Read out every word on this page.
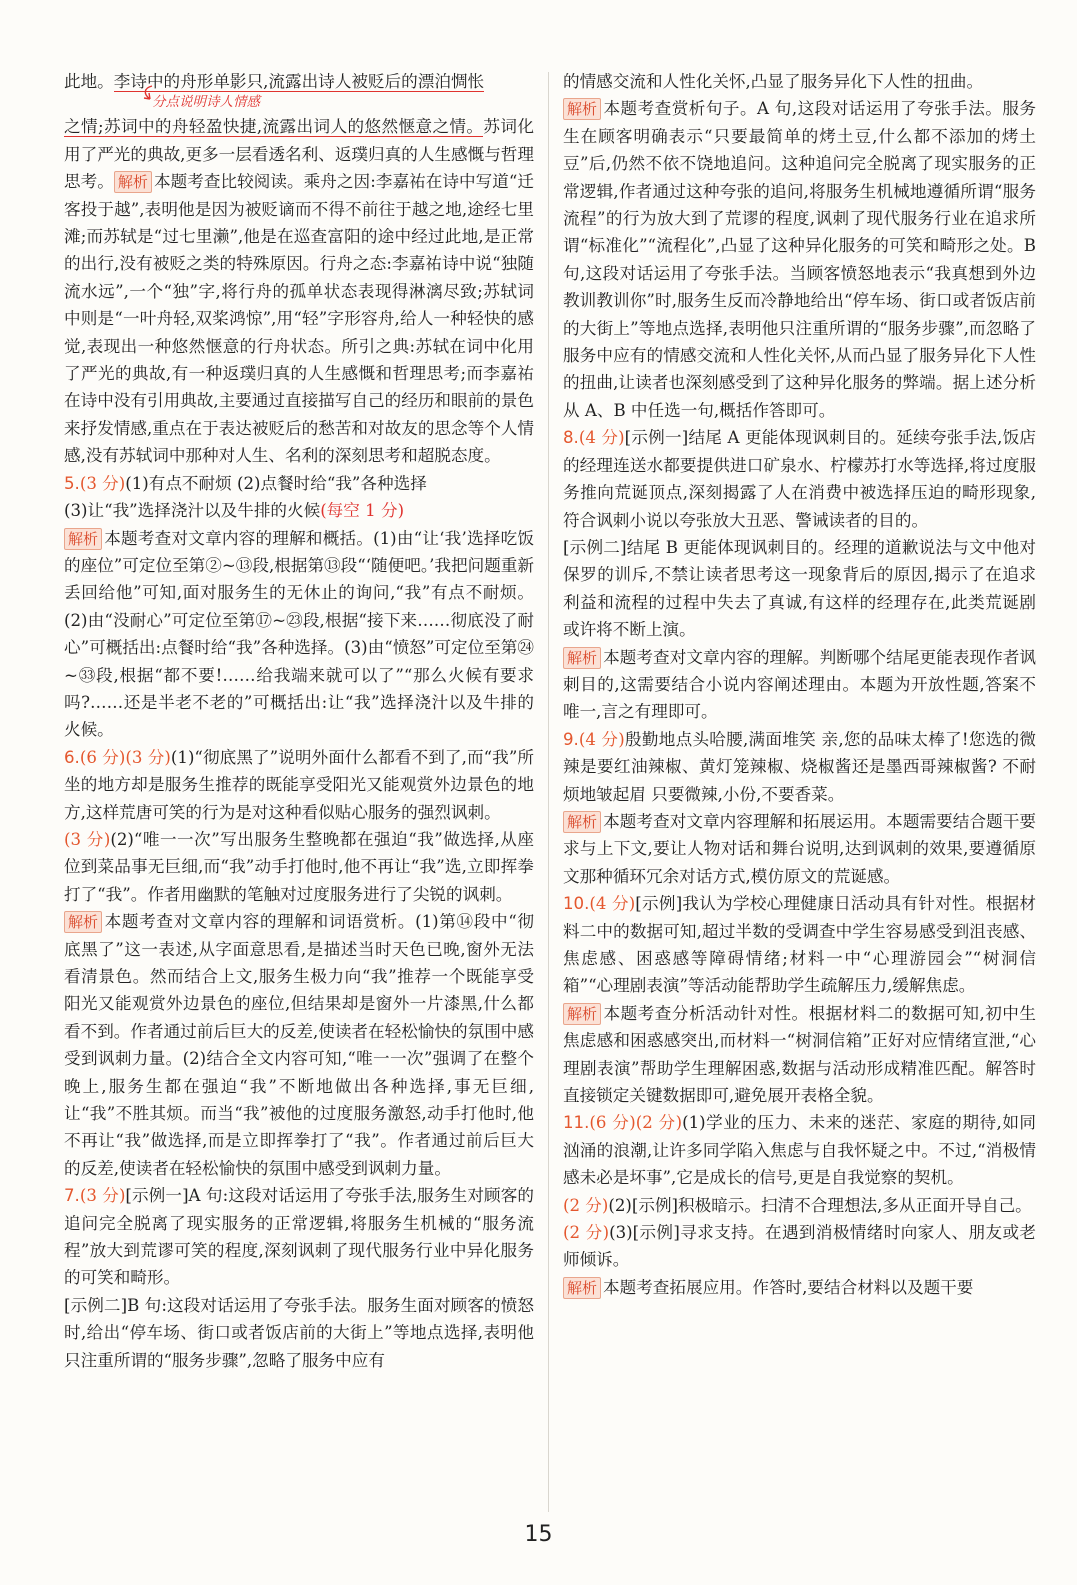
此地。李诗中的舟形单影只,流露出诗人被贬后的漂泊惆怅

分点说明诗人情感

之情;苏词中的舟轻盈快捷,流露出词人的悠然惬意之情。苏词化用了严光的典故,更多一层看透名利、返璞归真的人生感慨与哲理思考。 解析 本题考查比较阅读。乘舟之因:李嘉祐在诗中写道“迁客投于越”,表明他是因为被贬谪而不得不前往于越之地,途经七里滩;而苏轼是“过七里濑”,他是在巡查富阳的途中经过此地,是正常的出行,没有被贬之类的特殊原因。行舟之态:李嘉祐诗中说“独随流水远”,一个“独”字,将行舟的孤单状态表现得淋漓尽致;苏轼词中则是“一叶舟轻,双桨鸿惊”,用“轻”字形容舟,给人一种轻快的感觉,表现出一种悠然惬意的行舟状态。所引之典:苏轼在词中化用了严光的典故,有一种返璞归真的人生感慨和哲理思考;而李嘉祐在诗中没有引用典故,主要通过直接描写自己的经历和眼前的景色来抒发情感,重点在于表达被贬后的愁苦和对故友的思念等个人情感,没有苏轼词中那种对人生、名利的深刻思考和超脱态度。

5.(3 分)(1)有点不耐烦 (2)点餐时给“我”各种选择

(3)让“我”选择浇汁以及牛排的火候(每空 1 分)

解析 本题考查对文章内容的理解和概括。(1)由“让‘我’选择吃饭的座位”可定位至第②~⑬段,根据第⑬段“‘随便吧。’我把问题重新丢回给他”可知,面对服务生的无休止的询问,“我”有点不耐烦。(2)由“没耐心”可定位至第⑰~㉓段,根据“接下来……彻底没了耐心”可概括出:点餐时给“我”各种选择。(3)由“愤怒”可定位至第㉔~㉝段,根据“都不要!……给我端来就可以了”“那么火候有要求吗?……还是半老不老的”可概括出:让“我”选择浇汁以及牛排的火候。

6.(6 分)(3 分)(1)“彻底黑了”说明外面什么都看不到了,而“我”所坐的地方却是服务生推荐的既能享受阳光又能观赏外边景色的地方,这样荒唐可笑的行为是对这种看似贴心服务的强烈讽刺。

(3 分)(2)“唯一一次”写出服务生整晚都在强迫“我”做选择,从座位到菜品事无巨细,而“我”动手打他时,他不再让“我”选,立即挥拳打了“我”。作者用幽默的笔触对过度服务进行了尖锐的讽刺。

解析 本题考查对文章内容的理解和词语赏析。(1)第⑭段中“彻底黑了”这一表述,从字面意思看,是描述当时天色已晚,窗外无法看清景色。然而结合上文,服务生极力向“我”推荐一个既能享受阳光又能观赏外边景色的座位,但结果却是窗外一片漆黑,什么都看不到。作者通过前后巨大的反差,使读者在轻松愉快的氛围中感受到讽刺力量。(2)结合全文内容可知,“唯一一次”强调了在整个晚上,服务生都在强迫“我”不断地做出各种选择,事无巨细,让“我”不胜其烦。而当“我”被他的过度服务激怒,动手打他时,他不再让“我”做选择,而是立即挥拳打了“我”。作者通过前后巨大的反差,使读者在轻松愉快的氛围中感受到讽刺力量。

7.(3 分)[示例一]A 句:这段对话运用了夸张手法,服务生对顾客的追问完全脱离了现实服务的正常逻辑,将服务生机械的“服务流程”放大到荒谬可笑的程度,深刻讽刺了现代服务行业中异化服务的可笑和畸形。

[示例二]B 句:这段对话运用了夸张手法。服务生面对顾客的愤怒时,给出“停车场、街口或者饭店前的大街上”等地点选择,表明他只注重所谓的“服务步骤”,忽略了服务中应有

的情感交流和人性化关怀,凸显了服务异化下人性的扭曲。

解析 本题考查赏析句子。A 句,这段对话运用了夸张手法。服务生在顾客明确表示“只要最简单的烤土豆,什么都不添加的烤土豆”后,仍然不依不饶地追问。这种追问完全脱离了现实服务的正常逻辑,作者通过这种夸张的追问,将服务生机械地遵循所谓“服务流程”的行为放大到了荒谬的程度,讽刺了现代服务行业在追求所谓“标准化”“流程化”,凸显了这种异化服务的可笑和畸形之处。B 句,这段对话运用了夸张手法。当顾客愤怒地表示“我真想到外边教训教训你”时,服务生反而冷静地给出“停车场、街口或者饭店前的大街上”等地点选择,表明他只注重所谓的“服务步骤”,而忽略了服务中应有的情感交流和人性化关怀,从而凸显了服务异化下人性的扭曲,让读者也深刻感受到了这种异化服务的弊端。据上述分析从 A、B 中任选一句,概括作答即可。

8.(4 分)[示例一]结尾 A 更能体现讽刺目的。延续夸张手法,饭店的经理连送水都要提供进口矿泉水、柠檬苏打水等选择,将过度服务推向荒诞顶点,深刻揭露了人在消费中被选择压迫的畸形现象,符合讽刺小说以夸张放大丑恶、警诫读者的目的。

[示例二]结尾 B 更能体现讽刺目的。经理的道歉说法与文中他对保罗的训斥,不禁让读者思考这一现象背后的原因,揭示了在追求利益和流程的过程中失去了真诚,有这样的经理存在,此类荒诞剧或许将不断上演。

解析 本题考查对文章内容的理解。判断哪个结尾更能表现作者讽刺目的,这需要结合小说内容阐述理由。本题为开放性题,答案不唯一,言之有理即可。

9.(4 分)殷勤地点头哈腰,满面堆笑 亲,您的品味太棒了!您选的微辣是要红油辣椒、黄灯笼辣椒、烧椒酱还是墨西哥辣椒酱? 不耐烦地皱起眉 只要微辣,小份,不要香菜。

解析 本题考查对文章内容理解和拓展运用。本题需要结合题干要求与上下文,要让人物对话和舞台说明,达到讽刺的效果,要遵循原文那种循环冗余对话方式,模仿原文的荒诞感。

10.(4 分)[示例]我认为学校心理健康日活动具有针对性。根据材料二中的数据可知,超过半数的受调查中学生容易感受到沮丧感、焦虑感、困惑感等障碍情绪;材料一中“心理游园会”“树洞信箱”“心理剧表演”等活动能帮助学生疏解压力,缓解焦虑。

解析 本题考查分析活动针对性。根据材料二的数据可知,初中生焦虑感和困惑感突出,而材料一“树洞信箱”正好对应情绪宣泄,“心理剧表演”帮助学生理解困惑,数据与活动形成精准匹配。解答时直接锁定关键数据即可,避免展开表格全貌。

11.(6 分)(2 分)(1)学业的压力、未来的迷茫、家庭的期待,如同汹涌的浪潮,让许多同学陷入焦虑与自我怀疑之中。不过,“消极情感未必是坏事”,它是成长的信号,更是自我觉察的契机。

(2 分)(2)[示例]积极暗示。扫清不合理想法,多从正面开导自己。

(2 分)(3)[示例]寻求支持。在遇到消极情绪时向家人、朋友或老师倾诉。

解析 本题考查拓展应用。作答时,要结合材料以及题干要

15
